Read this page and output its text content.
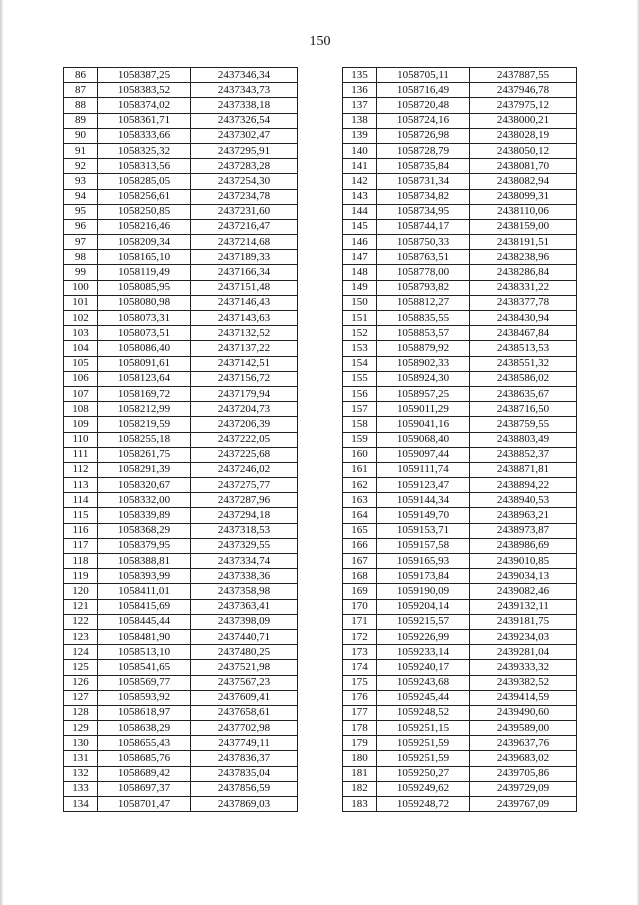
150
86	1058387,25	2437346,34
87	1058383,52	2437343,73
88	1058374,02	2437338,18
89	1058361,71	2437326,54
90	1058333,66	2437302,47
91	1058325,32	2437295,91
92	1058313,56	2437283,28
93	1058285,05	2437254,30
94	1058256,61	2437234,78
95	1058250,85	2437231,60
96	1058216,46	2437216,47
97	1058209,34	2437214,68
98	1058165,10	2437189,33
99	1058119,49	2437166,34
100	1058085,95	2437151,48
101	1058080,98	2437146,43
102	1058073,31	2437143,63
103	1058073,51	2437132,52
104	1058086,40	2437137,22
105	1058091,61	2437142,51
106	1058123,64	2437156,72
107	1058169,72	2437179,94
108	1058212,99	2437204,73
109	1058219,59	2437206,39
110	1058255,18	2437222,05
111	1058261,75	2437225,68
112	1058291,39	2437246,02
113	1058320,67	2437275,77
114	1058332,00	2437287,96
115	1058339,89	2437294,18
116	1058368,29	2437318,53
117	1058379,95	2437329,55
118	1058388,81	2437334,74
119	1058393,99	2437338,36
120	1058411,01	2437358,98
121	1058415,69	2437363,41
122	1058445,44	2437398,09
123	1058481,90	2437440,71
124	1058513,10	2437480,25
125	1058541,65	2437521,98
126	1058569,77	2437567,23
127	1058593,92	2437609,41
128	1058618,97	2437658,61
129	1058638,29	2437702,98
130	1058655,43	2437749,11
131	1058685,76	2437836,37
132	1058689,42	2437835,04
133	1058697,37	2437856,59
134	1058701,47	2437869,03
135	1058705,11	2437887,55
136	1058716,49	2437946,78
137	1058720,48	2437975,12
138	1058724,16	2438000,21
139	1058726,98	2438028,19
140	1058728,79	2438050,12
141	1058735,84	2438081,70
142	1058731,34	2438082,94
143	1058734,82	2438099,31
144	1058734,95	2438110,06
145	1058744,17	2438159,00
146	1058750,33	2438191,51
147	1058763,51	2438238,96
148	1058778,00	2438286,84
149	1058793,82	2438331,22
150	1058812,27	2438377,78
151	1058835,55	2438430,94
152	1058853,57	2438467,84
153	1058879,92	2438513,53
154	1058902,33	2438551,32
155	1058924,30	2438586,02
156	1058957,25	2438635,67
157	1059011,29	2438716,50
158	1059041,16	2438759,55
159	1059068,40	2438803,49
160	1059097,44	2438852,37
161	1059111,74	2438871,81
162	1059123,47	2438894,22
163	1059144,34	2438940,53
164	1059149,70	2438963,21
165	1059153,71	2438973,87
166	1059157,58	2438986,69
167	1059165,93	2439010,85
168	1059173,84	2439034,13
169	1059190,09	2439082,46
170	1059204,14	2439132,11
171	1059215,57	2439181,75
172	1059226,99	2439234,03
173	1059233,14	2439281,04
174	1059240,17	2439333,32
175	1059243,68	2439382,52
176	1059245,44	2439414,59
177	1059248,52	2439490,60
178	1059251,15	2439589,00
179	1059251,59	2439637,76
180	1059251,59	2439683,02
181	1059250,27	2439705,86
182	1059249,62	2439729,09
183	1059248,72	2439767,09
